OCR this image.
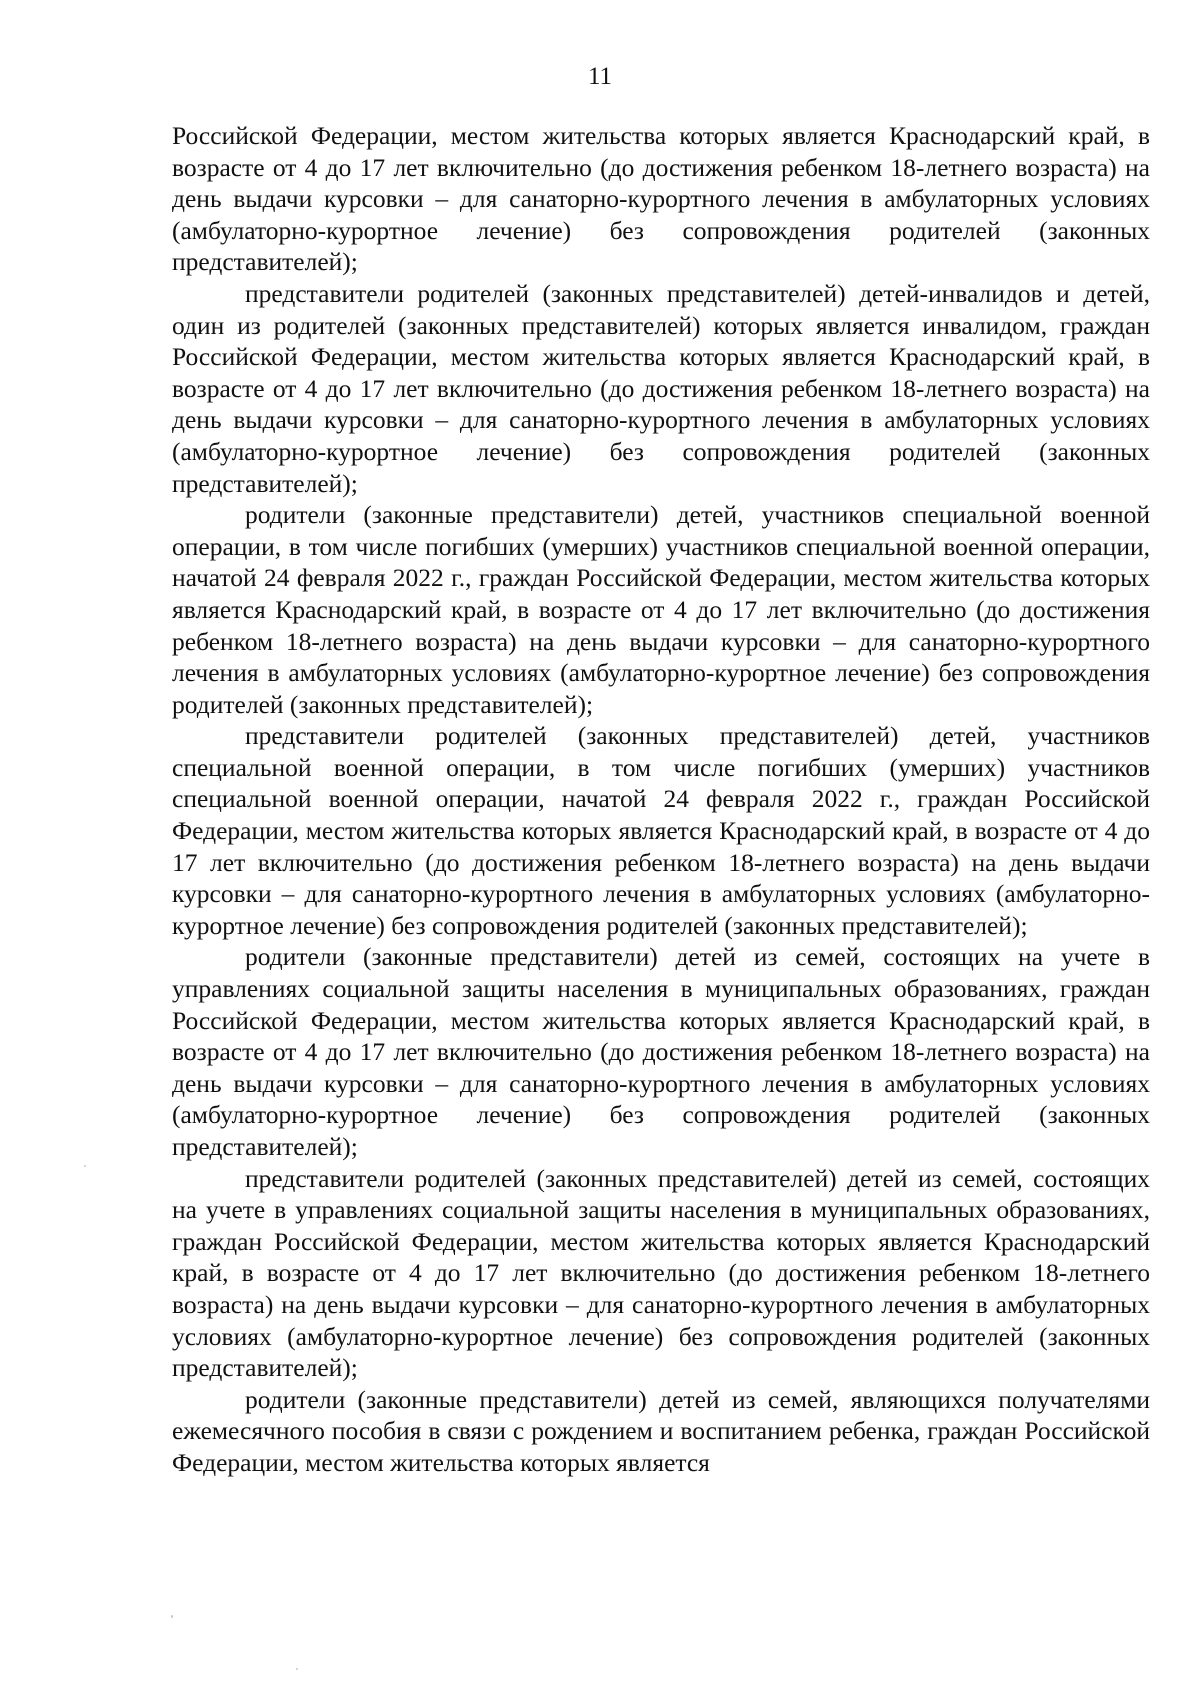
11

Российской Федерации, местом жительства которых является Краснодарский край, в возрасте от 4 до 17 лет включительно (до достижения ребенком 18-летнего возраста) на день выдачи курсовки – для санаторно-курортного лечения в амбулаторных условиях (амбулаторно-курортное лечение) без сопровождения родителей (законных представителей);

представители родителей (законных представителей) детей-инвалидов и детей, один из родителей (законных представителей) которых является инвалидом, граждан Российской Федерации, местом жительства которых является Краснодарский край, в возрасте от 4 до 17 лет включительно (до достижения ребенком 18-летнего возраста) на день выдачи курсовки – для санаторно-курортного лечения в амбулаторных условиях (амбулаторно-курортное лечение) без сопровождения родителей (законных представителей);

родители (законные представители) детей, участников специальной военной операции, в том числе погибших (умерших) участников специальной военной операции, начатой 24 февраля 2022 г., граждан Российской Федерации, местом жительства которых является Краснодарский край, в возрасте от 4 до 17 лет включительно (до достижения ребенком 18-летнего возраста) на день выдачи курсовки – для санаторно-курортного лечения в амбулаторных условиях (амбулаторно-курортное лечение) без сопровождения родителей (законных представителей);

представители родителей (законных представителей) детей, участников специальной военной операции, в том числе погибших (умерших) участников специальной военной операции, начатой 24 февраля 2022 г., граждан Российской Федерации, местом жительства которых является Краснодарский край, в возрасте от 4 до 17 лет включительно (до достижения ребенком 18-летнего возраста) на день выдачи курсовки – для санаторно-курортного лечения в амбулаторных условиях (амбулаторно-курортное лечение) без сопровождения родителей (законных представителей);

родители (законные представители) детей из семей, состоящих на учете в управлениях социальной защиты населения в муниципальных образованиях, граждан Российской Федерации, местом жительства которых является Краснодарский край, в возрасте от 4 до 17 лет включительно (до достижения ребенком 18-летнего возраста) на день выдачи курсовки – для санаторно-курортного лечения в амбулаторных условиях (амбулаторно-курортное лечение) без сопровождения родителей (законных представителей);

представители родителей (законных представителей) детей из семей, состоящих на учете в управлениях социальной защиты населения в муниципальных образованиях, граждан Российской Федерации, местом жительства которых является Краснодарский край, в возрасте от 4 до 17 лет включительно (до достижения ребенком 18-летнего возраста) на день выдачи курсовки – для санаторно-курортного лечения в амбулаторных условиях (амбулаторно-курортное лечение) без сопровождения родителей (законных представителей);

родители (законные представители) детей из семей, являющихся получателями ежемесячного пособия в связи с рождением и воспитанием ребенка, граждан Российской Федерации, местом жительства которых является
